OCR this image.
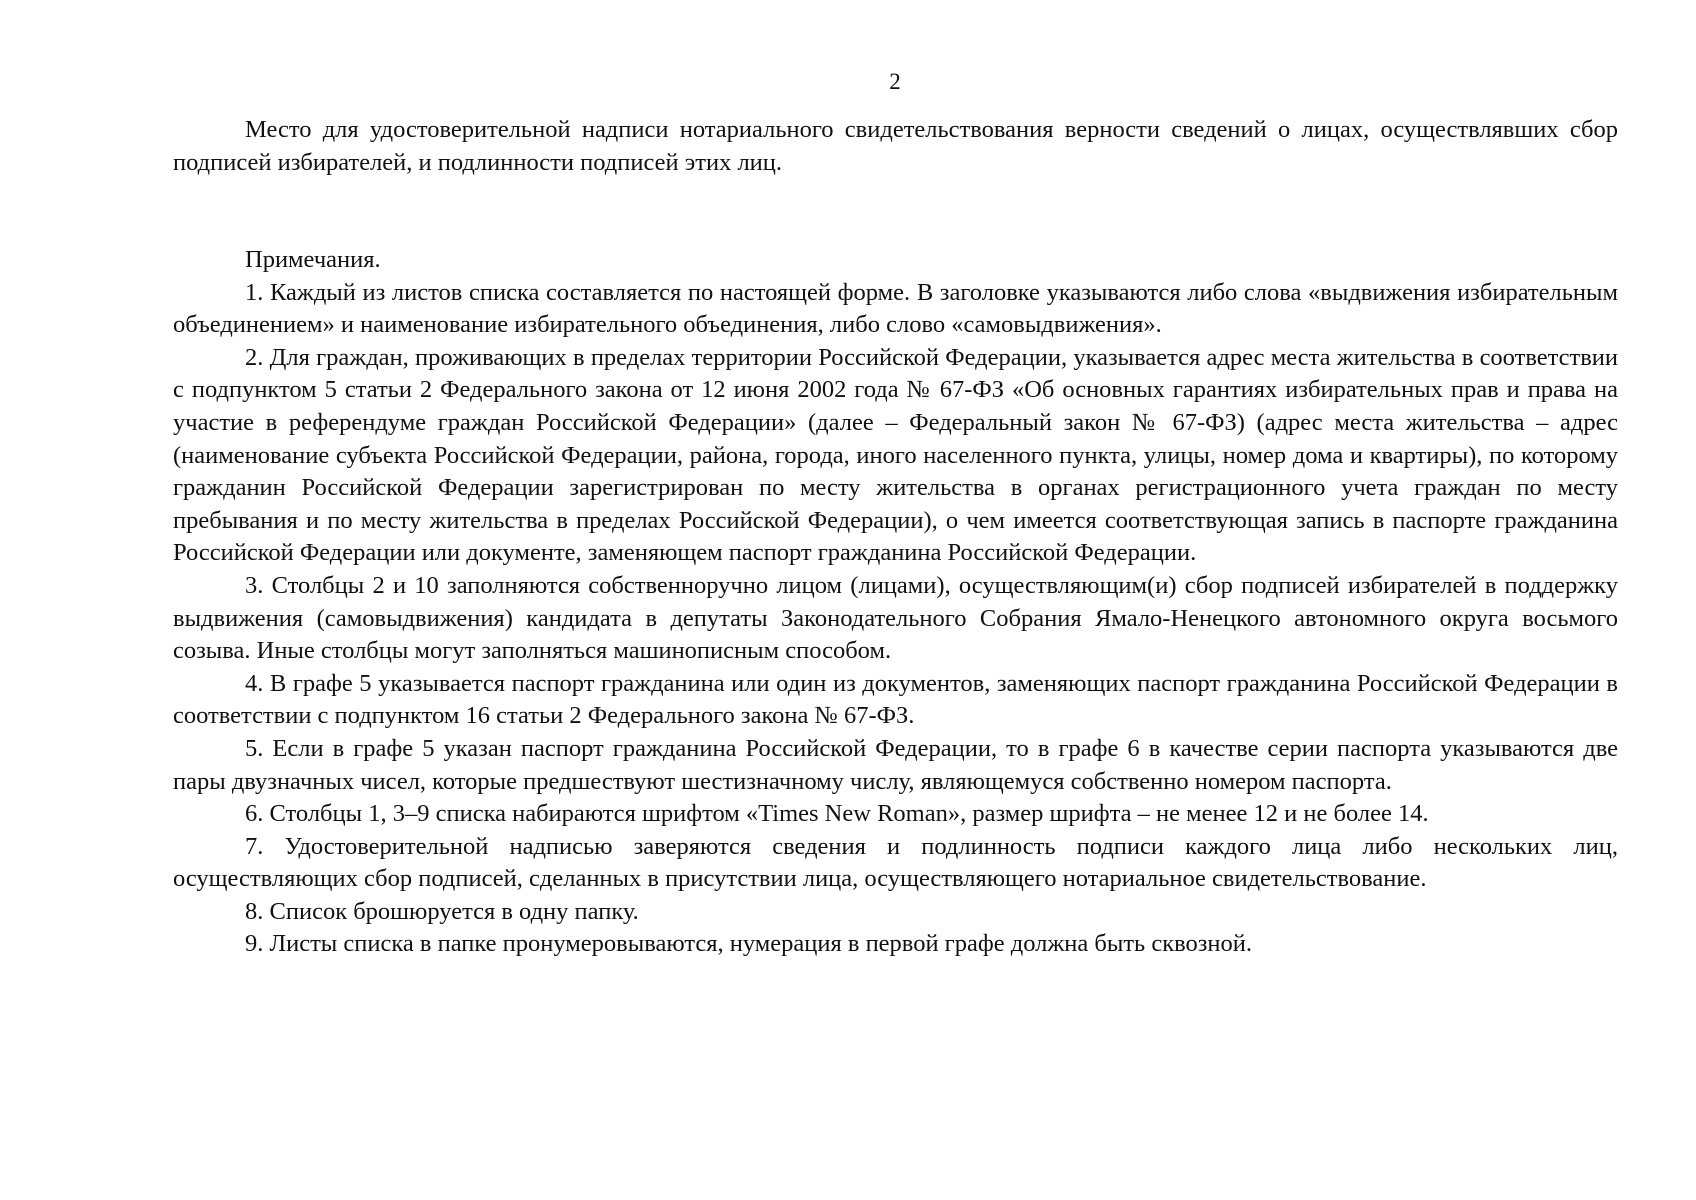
2

Место для удостоверительной надписи нотариального свидетельствования верности сведений о лицах, осуществлявших сбор подписей избирателей, и подлинности подписей этих лиц.

Примечания.

1. Каждый из листов списка составляется по настоящей форме. В заголовке указываются либо слова «выдвижения избирательным объединением» и наименование избирательного объединения, либо слово «самовыдвижения».

2. Для граждан, проживающих в пределах территории Российской Федерации, указывается адрес места жительства в соответствии с подпунктом 5 статьи 2 Федерального закона от 12 июня 2002 года № 67-ФЗ «Об основных гарантиях избирательных прав и права на участие в референдуме граждан Российской Федерации» (далее – Федеральный закон № 67-ФЗ) (адрес места жительства – адрес (наименование субъекта Российской Федерации, района, города, иного населенного пункта, улицы, номер дома и квартиры), по которому гражданин Российской Федерации зарегистрирован по месту жительства в органах регистрационного учета граждан по месту пребывания и по месту жительства в пределах Российской Федерации), о чем имеется соответствующая запись в паспорте гражданина Российской Федерации или документе, заменяющем паспорт гражданина Российской Федерации.

3. Столбцы 2 и 10 заполняются собственноручно лицом (лицами), осуществляющим(и) сбор подписей избирателей в поддержку выдвижения (самовыдвижения) кандидата в депутаты Законодательного Собрания Ямало-Ненецкого автономного округа восьмого созыва. Иные столбцы могут заполняться машинописным способом.

4. В графе 5 указывается паспорт гражданина или один из документов, заменяющих паспорт гражданина Российской Федерации в соответствии с подпунктом 16 статьи 2 Федерального закона № 67-ФЗ.

5. Если в графе 5 указан паспорт гражданина Российской Федерации, то в графе 6 в качестве серии паспорта указываются две пары двузначных чисел, которые предшествуют шестизначному числу, являющемуся собственно номером паспорта.

6. Столбцы 1, 3–9 списка набираются шрифтом «Times New Roman», размер шрифта – не менее 12 и не более 14.

7. Удостоверительной надписью заверяются сведения и подлинность подписи каждого лица либо нескольких лиц, осуществляющих сбор подписей, сделанных в присутствии лица, осуществляющего нотариальное свидетельствование.

8. Список брошюруется в одну папку.

9. Листы списка в папке пронумеровываются, нумерация в первой графе должна быть сквозной.
